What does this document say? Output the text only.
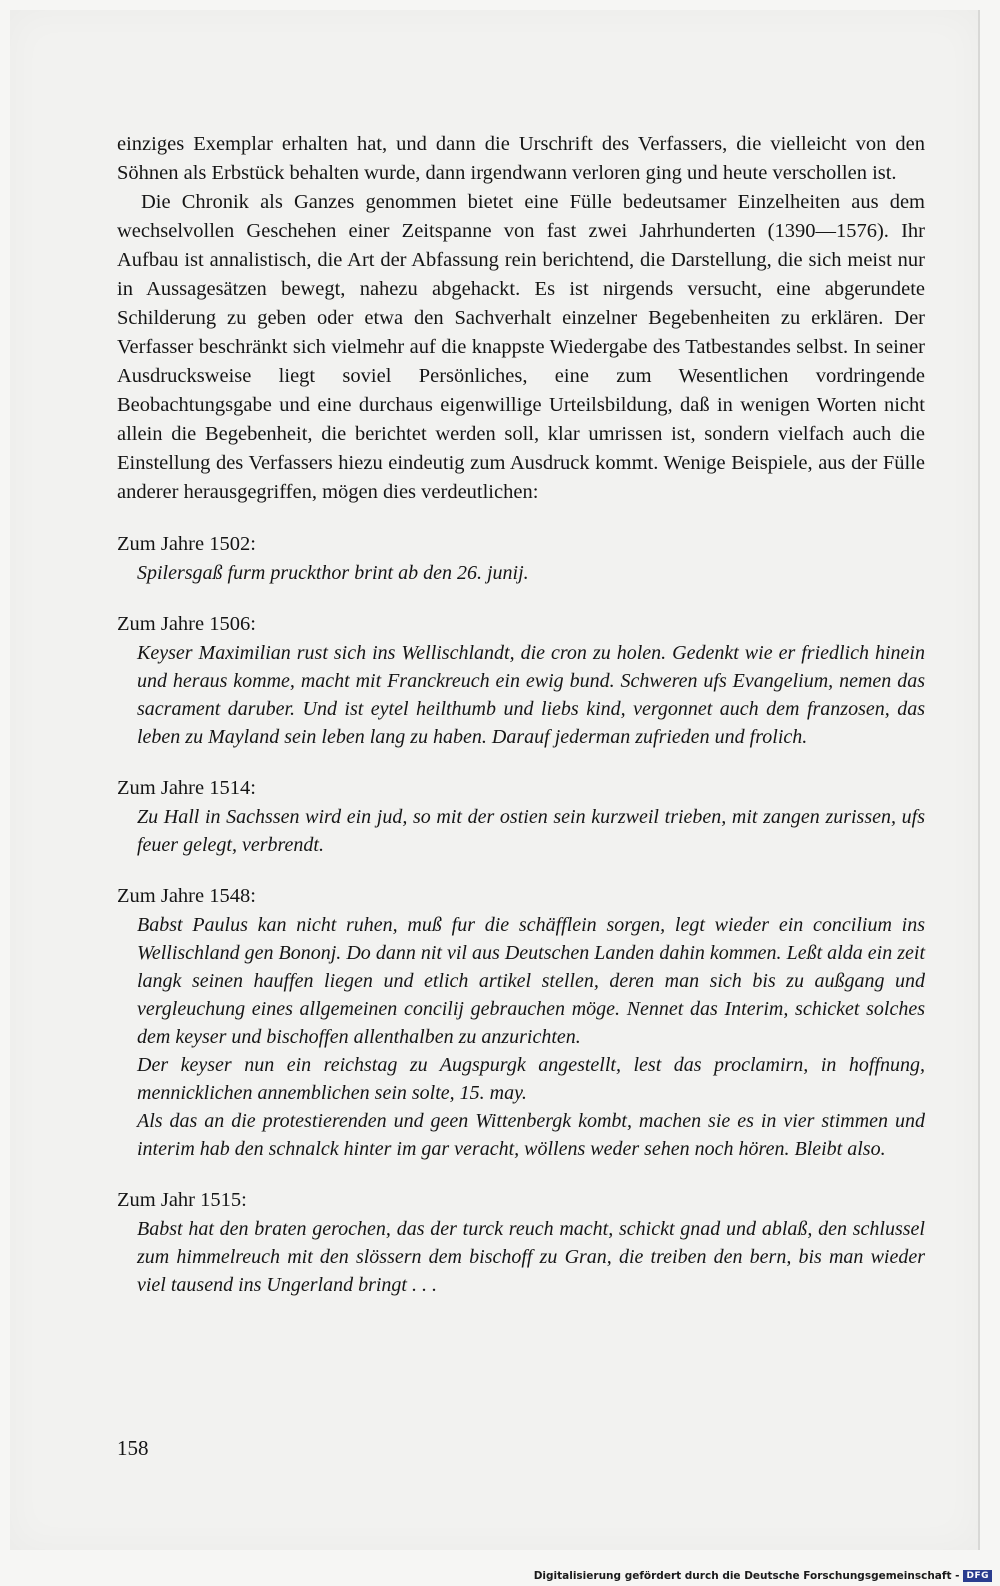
einziges Exemplar erhalten hat, und dann die Urschrift des Verfassers, die vielleicht von den Söhnen als Erbstück behalten wurde, dann irgendwann verloren ging und heute verschollen ist.

Die Chronik als Ganzes genommen bietet eine Fülle bedeutsamer Einzelheiten aus dem wechselvollen Geschehen einer Zeitspanne von fast zwei Jahrhunderten (1390—1576). Ihr Aufbau ist annalistisch, die Art der Abfassung rein berichtend, die Darstellung, die sich meist nur in Aussagesätzen bewegt, nahezu abgehackt. Es ist nirgends versucht, eine abgerundete Schilderung zu geben oder etwa den Sachverhalt einzelner Begebenheiten zu erklären. Der Verfasser beschränkt sich vielmehr auf die knappste Wiedergabe des Tatbestandes selbst. In seiner Ausdrucksweise liegt soviel Persönliches, eine zum Wesentlichen vordringende Beobachtungsgabe und eine durchaus eigenwillige Urteilsbildung, daß in wenigen Worten nicht allein die Begebenheit, die berichtet werden soll, klar umrissen ist, sondern vielfach auch die Einstellung des Verfassers hiezu eindeutig zum Ausdruck kommt. Wenige Beispiele, aus der Fülle anderer herausgegriffen, mögen dies verdeutlichen:

Zum Jahre 1502:

Spilersgaß furm pruckthor brint ab den 26. junij.

Zum Jahre 1506:

Keyser Maximilian rust sich ins Wellischlandt, die cron zu holen. Gedenkt wie er friedlich hinein und heraus komme, macht mit Franckreuch ein ewig bund. Schweren ufs Evangelium, nemen das sacrament daruber. Und ist eytel heilthumb und liebs kind, vergonnet auch dem franzosen, das leben zu Mayland sein leben lang zu haben. Darauf jederman zufrieden und frolich.

Zum Jahre 1514:

Zu Hall in Sachssen wird ein jud, so mit der ostien sein kurzweil trieben, mit zangen zurissen, ufs feuer gelegt, verbrendt.

Zum Jahre 1548:

Babst Paulus kan nicht ruhen, muß fur die schäfflein sorgen, legt wieder ein concilium ins Wellischland gen Bononj. Do dann nit vil aus Deutschen Landen dahin kommen. Leßt alda ein zeit langk seinen hauffen liegen und etlich artikel stellen, deren man sich bis zu außgang und vergleuchung eines allgemeinen concilij gebrauchen möge. Nennet das Interim, schicket solches dem keyser und bischoffen allenthalben zu anzurichten.

Der keyser nun ein reichstag zu Augspurgk angestellt, lest das proclamirn, in hoffnung, mennicklichen annemblichen sein solte, 15. may.

Als das an die protestierenden und geen Wittenbergk kombt, machen sie es in vier stimmen und interim hab den schnalck hinter im gar veracht, wöllens weder sehen noch hören. Bleibt also.

Zum Jahr 1515:

Babst hat den braten gerochen, das der turck reuch macht, schickt gnad und ablaß, den schlussel zum himmelreuch mit den slössern dem bischoff zu Gran, die treiben den bern, bis man wieder viel tausend ins Ungerland bringt . . .

158
Digitalisierung gefördert durch die Deutsche Forschungsgemeinschaft - DFG
